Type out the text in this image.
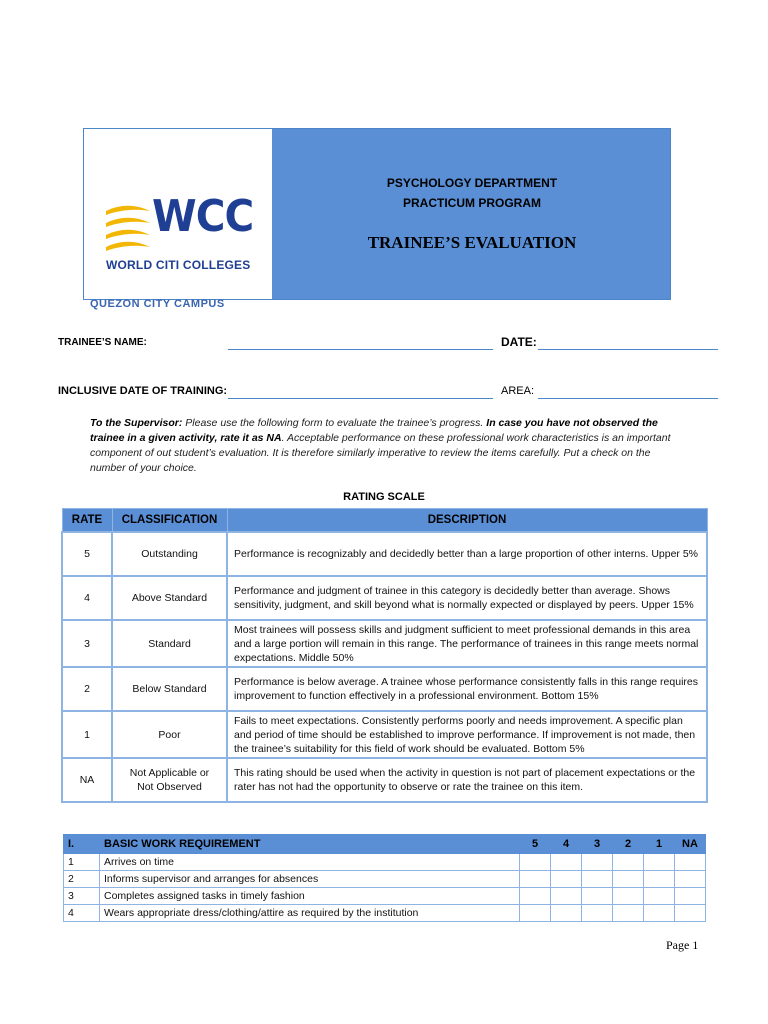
WCC
WORLD CITI COLLEGES
PSYCHOLOGY DEPARTMENT
PRACTICUM PROGRAM
TRAINEE’S EVALUATION
QUEZON CITY CAMPUS
TRAINEE’S NAME:	DATE:
INCLUSIVE DATE OF TRAINING:	AREA:
To the Supervisor: Please use the following form to evaluate the trainee’s progress. In case you have not observed the trainee in a given activity, rate it as NA. Acceptable performance on these professional work characteristics is an important component of out student’s evaluation. It is therefore similarly imperative to review the items carefully. Put a check on the number of your choice.
RATING SCALE
RATE	CLASSIFICATION	DESCRIPTION
5	Outstanding	Performance is recognizably and decidedly better than a large proportion of other interns. Upper 5%
4	Above Standard	Performance and judgment of trainee in this category is decidedly better than average. Shows sensitivity, judgment, and skill beyond what is normally expected or displayed by peers. Upper 15%
3	Standard	Most trainees will possess skills and judgment sufficient to meet professional demands in this area and a large portion will remain in this range. The performance of trainees in this range meets normal expectations. Middle 50%
2	Below Standard	Performance is below average. A trainee whose performance consistently falls in this range requires improvement to function effectively in a professional environment. Bottom 15%
1	Poor	Fails to meet expectations. Consistently performs poorly and needs improvement. A specific plan and period of time should be established to improve performance. If improvement is not made, then the trainee’s suitability for this field of work should be evaluated. Bottom 5%
NA	Not Applicable or Not Observed	This rating should be used when the activity in question is not part of placement expectations or the rater has not had the opportunity to observe or rate the trainee on this item.
I.	BASIC WORK REQUIREMENT	5	4	3	2	1	NA
1	Arrives on time						
2	Informs supervisor and arranges for absences						
3	Completes assigned tasks in timely fashion						
4	Wears appropriate dress/clothing/attire as required by the institution						
Page 1
